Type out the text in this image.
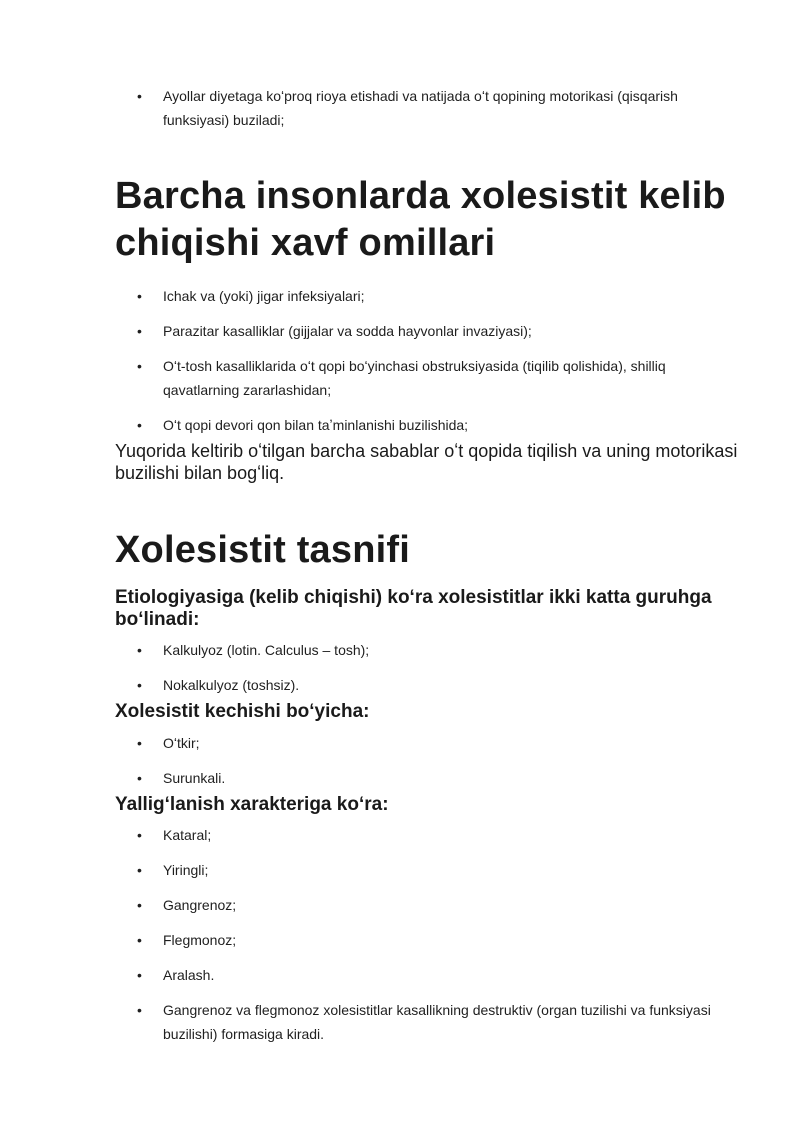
• Ayollar diyetaga koʻproq rioya etishadi va natijada oʻt qopining motorikasi (qisqarish funksiyasi) buziladi;
Barcha insonlarda xolesistit kelib
chiqishi xavf omillari
• Ichak va (yoki) jigar infeksiyalari;
• Parazitar kasalliklar (gijjalar va sodda hayvonlar invaziyasi);
• Oʻt-tosh kasalliklarida oʻt qopi boʻyinchasi obstruksiyasida (tiqilib qolishida), shilliq qavatlarning zararlashidan;
• Oʻt qopi devori qon bilan taʼminlanishi buzilishida;

Yuqorida keltirib oʻtilgan barcha sabablar oʻt qopida tiqilish va uning motorikasi buzilishi bilan bogʻliq.

Xolesistit tasnifi
Etiologiyasiga (kelib chiqishi) koʻra xolesistitlar ikki katta guruhga boʻlinadi:
• Kalkulyoz (lotin. Calculus – tosh);
• Nokalkulyoz (toshsiz).
Xolesistit kechishi boʻyicha:
• Oʻtkir;
• Surunkali.
Yalligʻlanish xarakteriga koʻra:
• Kataral;
• Yiringli;
• Gangrenoz;
• Flegmonoz;
• Aralash.
• Gangrenoz va flegmonoz xolesistitlar kasallikning destruktiv (organ tuzilishi va funksiyasi buzilishi) formasiga kiradi.
